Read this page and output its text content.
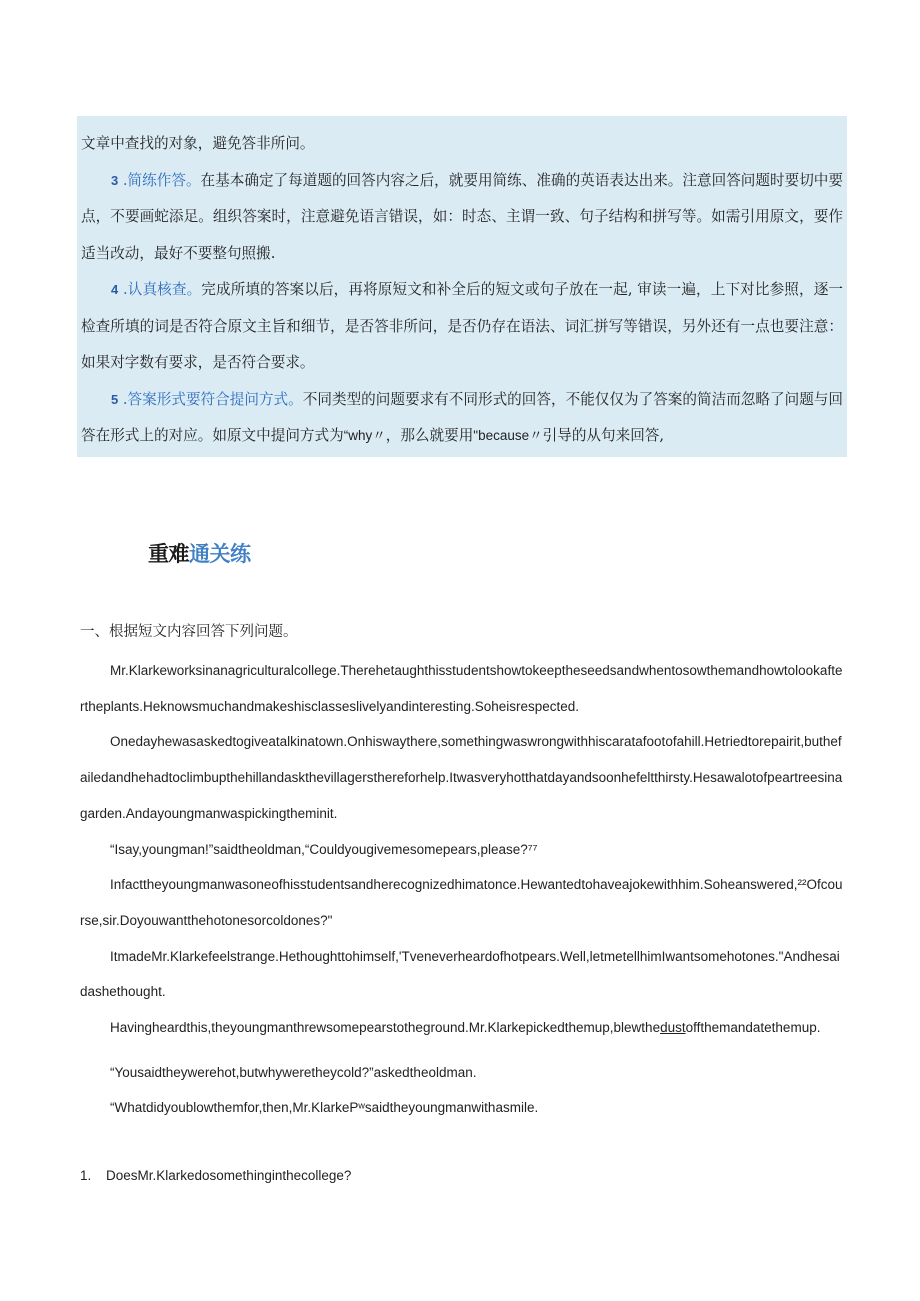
文章中查找的对象，避免答非所问。

3 .简练作答。在基本确定了每道题的回答内容之后，就要用简练、准确的英语表达出来。注意回答问题时要切中要点，不要画蛇添足。组织答案时，注意避免语言错误，如：时态、主谓一致、句子结构和拼写等。如需引用原文，要作适当改动，最好不要整句照搬.

4 .认真核查。完成所填的答案以后，再将原短文和补全后的短文或句子放在一起, 审读一遍，上下对比参照，逐一检查所填的词是否符合原文主旨和细节，是否答非所问，是否仍存在语法、词汇拼写等错误，另外还有一点也要注意：如果对字数有要求，是否符合要求。

5 .答案形式要符合提问方式。不同类型的问题要求有不同形式的回答，不能仅仅为了答案的简洁而忽略了问题与回答在形式上的对应。如原文中提问方式为“why〃，那么就要用"because〃引导的从句来回答,

重难通关练

一、根据短文内容回答下列问题。

Mr.Klarkeworksinanagriculturalcollege.Therehetaughthisstudentshowtokeeptheseedsandwhentosowthemandhowtolookaftertheplants.Heknowsmuchandmakeshisclasseslivelyandinteresting.Soheisrespected.

Onedayhewasaskedtogiveatalkinatown.Onhiswaythere,somethingwaswrongwithhiscaratafootofahill.Hetriedtorepairit,buthefailedandhehadtoclimbupthehillandaskthevillagersthereforhelp.Itwasveryhotthatdayandsoonhefeltthirsty.Hesawalotofpeartreesinagarden.Andayoungmanwaspickingtheminit.

“Isay,youngman!”saidtheoldman,“Couldyougivemesomepears,please?⁷⁷

Infacttheyoungmanwasoneofhisstudentsandherecognizedhimatonce.Hewantedtohaveajokewithhim.Soheanswered,²²Ofcourse,sir.Doyouwantthehotonesorcoldones?"

ItmadeMr.Klarkefeelstrange.Hethoughttohimself,'Tveneverheardofhotpears.Well,letmetellhimIwantsomehotones."Andhesaidashethought.

Havingheardthis,theyoungmanthrewsomepearstotheground.Mr.Klarkepickedthemup,blewthedustoffthemandatethemup.

“Yousaidtheywerehot,butwhyweretheycold?”askedtheoldman.

“Whatdidyoublowthemfor,then,Mr.KlarkePʷsaidtheyoungmanwithasmile.

1. DoesMr.Klarkedosomethinginthecollege?
